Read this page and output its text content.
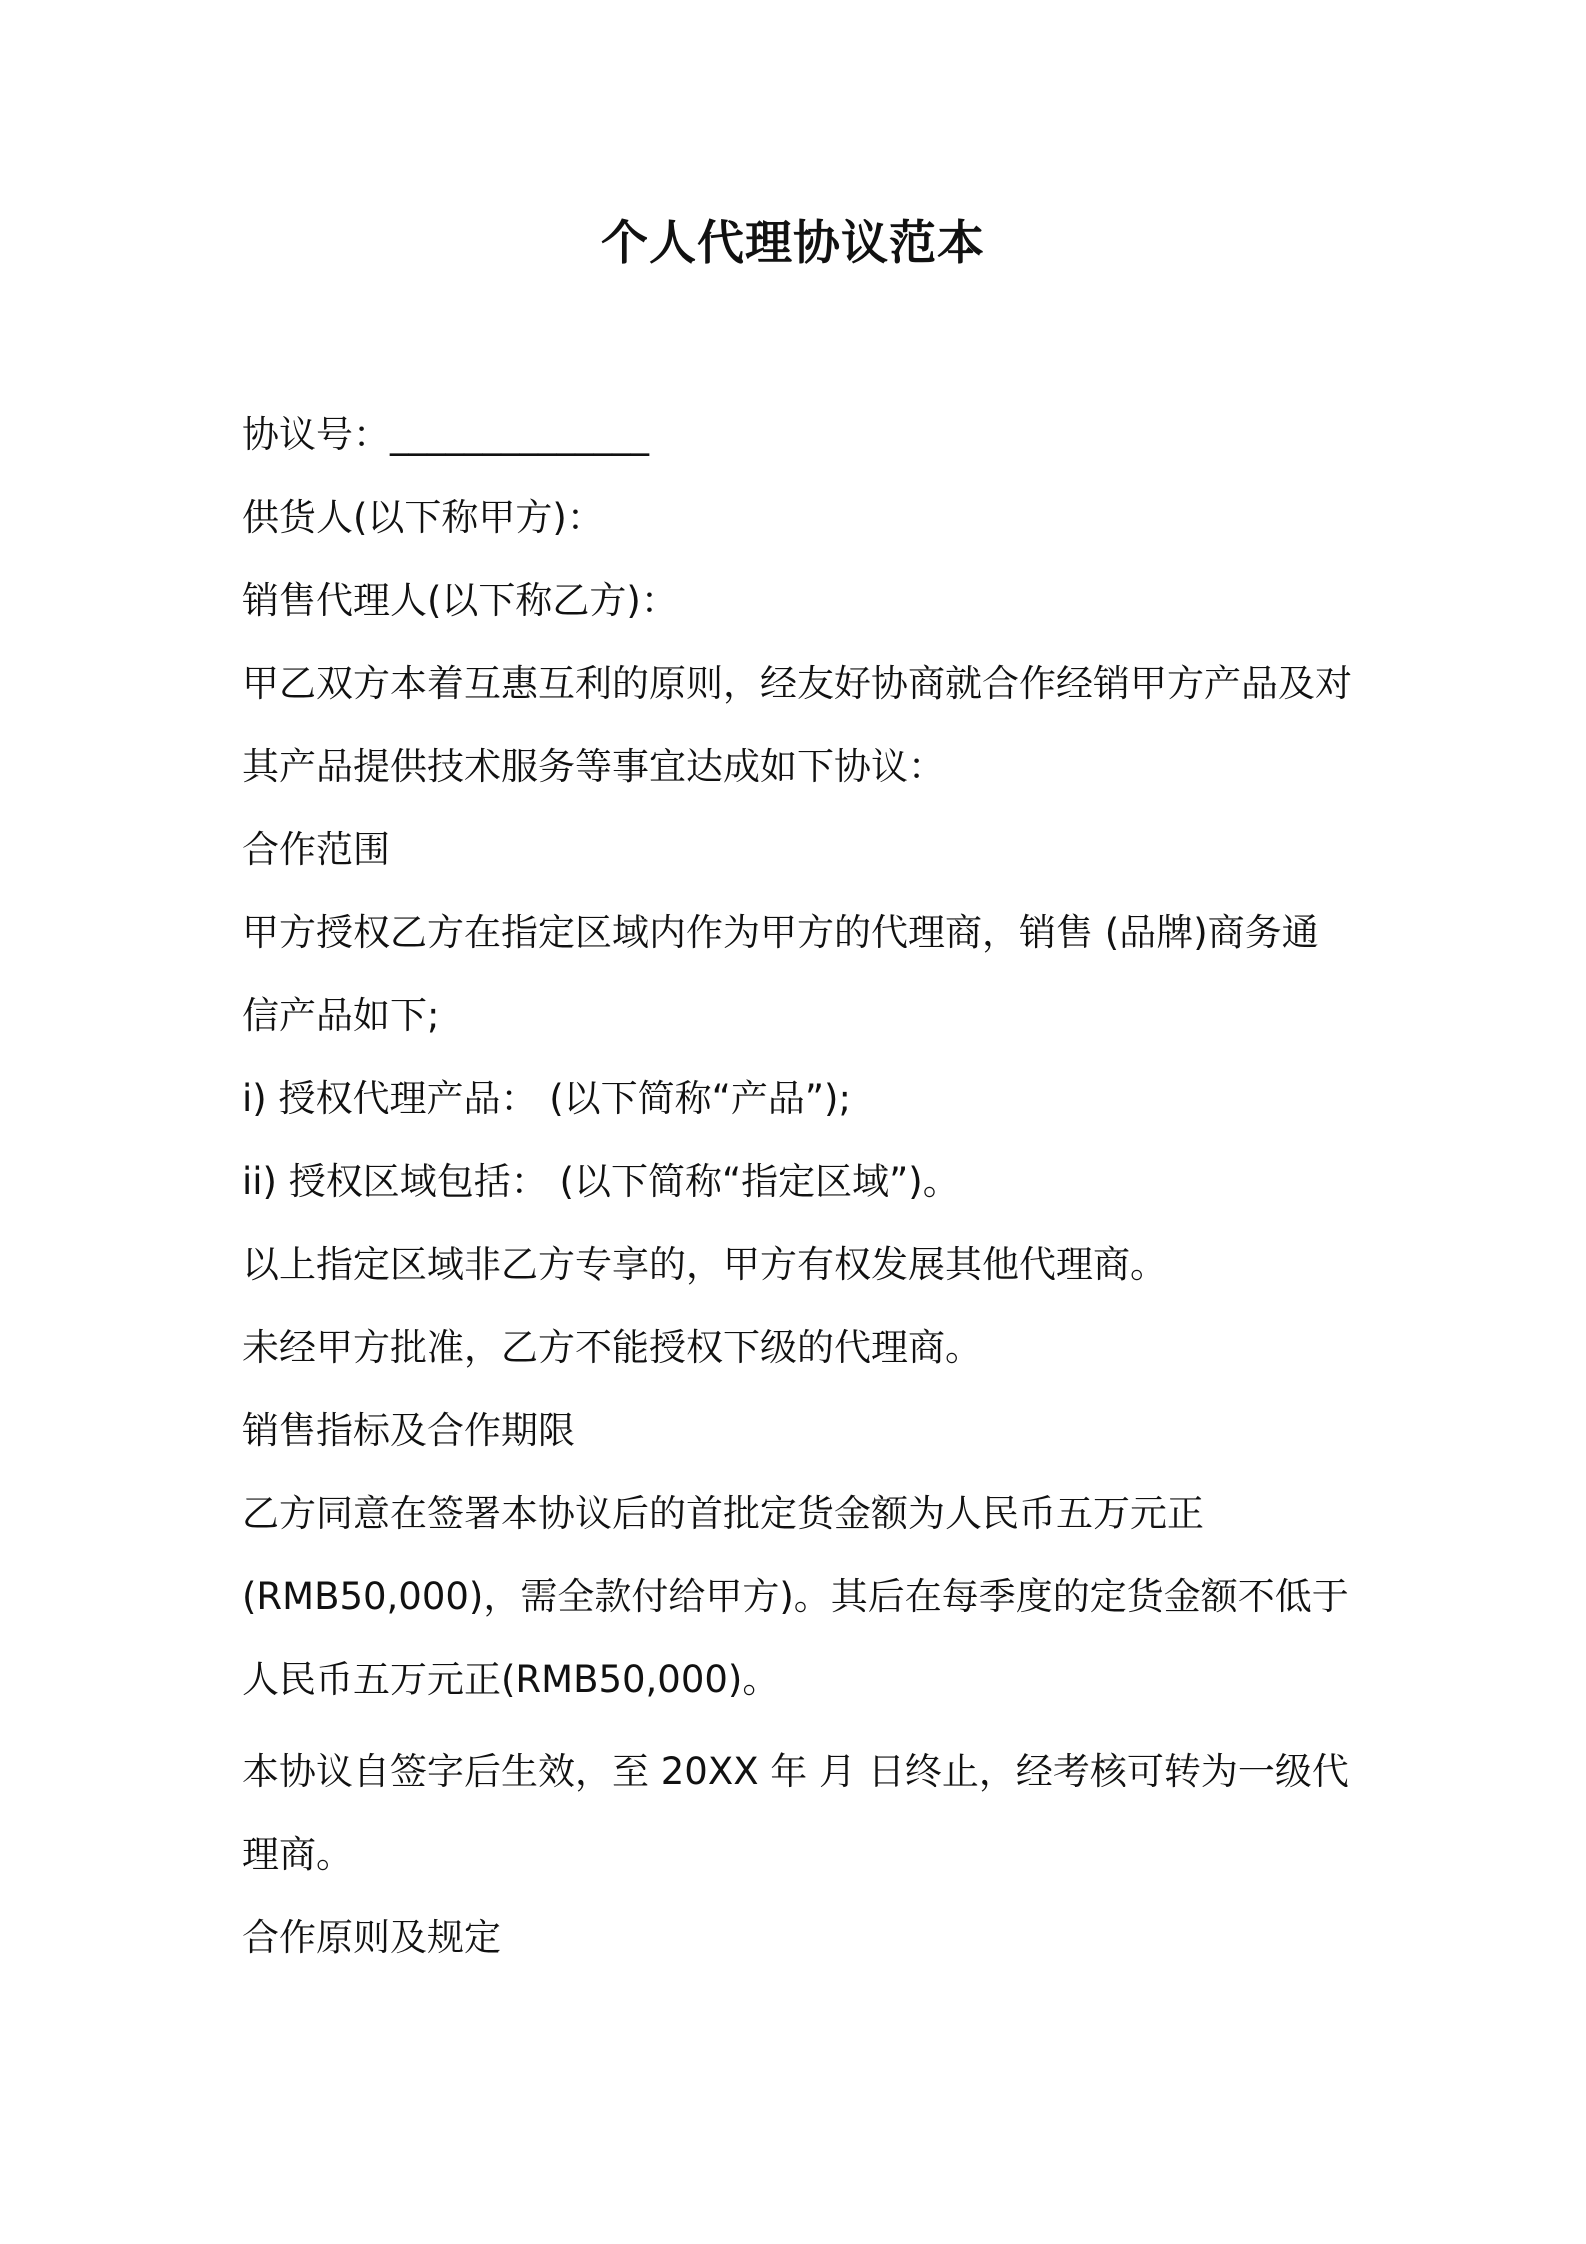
个人代理协议范本

协议号：______________

供货人(以下称甲方)：

销售代理人(以下称乙方)：

甲乙双方本着互惠互利的原则，经友好协商就合作经销甲方产品及对

其产品提供技术服务等事宜达成如下协议：

合作范围

甲方授权乙方在指定区域内作为甲方的代理商，销售 (品牌)商务通

信产品如下;

i) 授权代理产品： (以下简称“产品”);

ii) 授权区域包括： (以下简称“指定区域”)。

以上指定区域非乙方专享的，甲方有权发展其他代理商。

未经甲方批准，乙方不能授权下级的代理商。

销售指标及合作期限

乙方同意在签署本协议后的首批定货金额为人民币五万元正

(RMB50,000)，需全款付给甲方)。其后在每季度的定货金额不低于

人民币五万元正(RMB50,000)。

本协议自签字后生效，至 20XX 年 月 日终止，经考核可转为一级代

理商。

合作原则及规定
